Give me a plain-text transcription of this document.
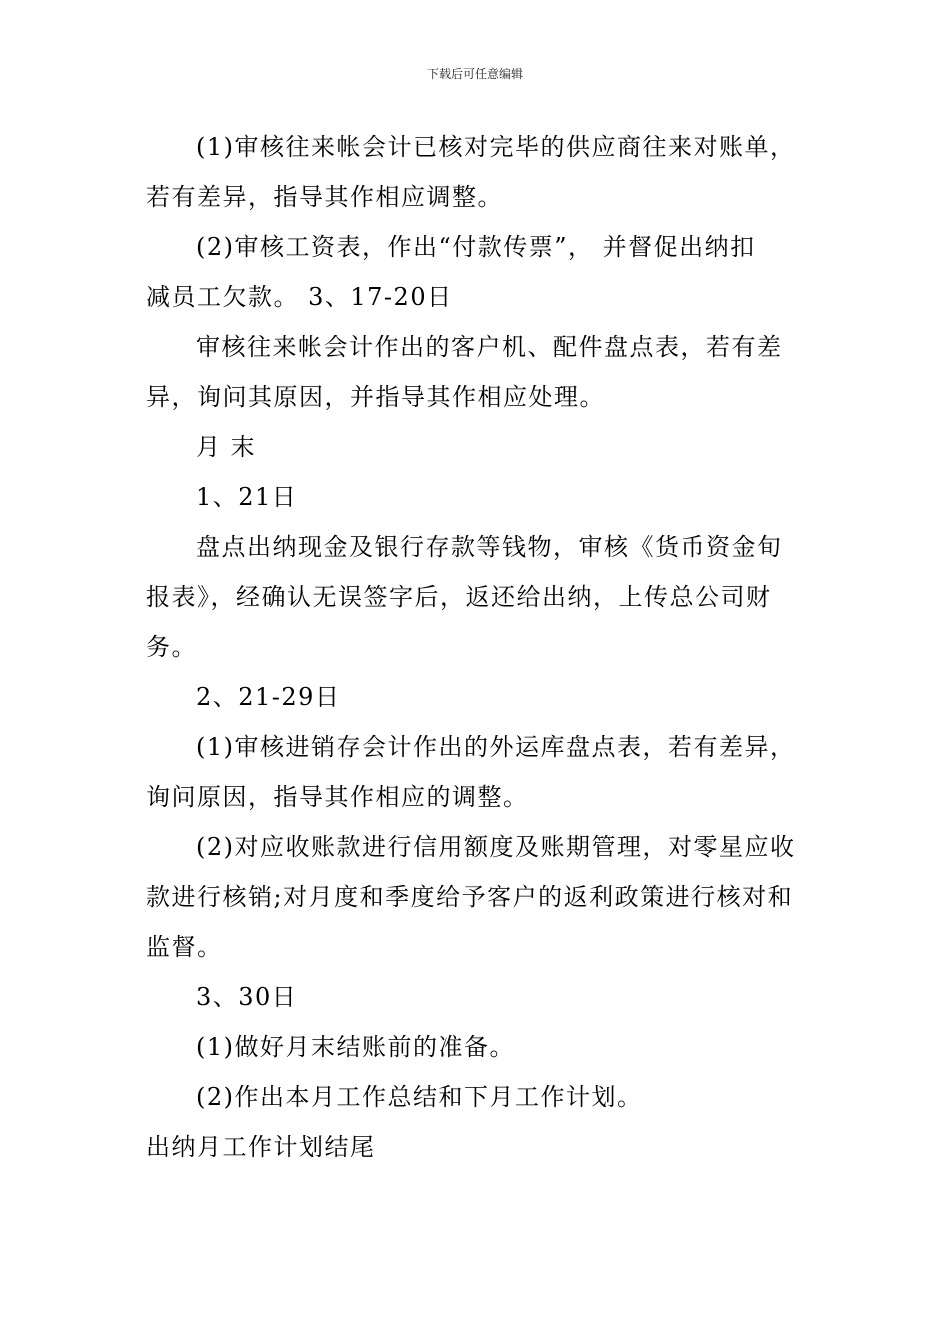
下载后可任意编辑
(1)审核往来帐会计已核对完毕的供应商往来对账单，
若有差异，指导其作相应调整。
(2)审核工资表，作出“付款传票”， 并督促出纳扣
减员工欠款。 3、17-20日
审核往来帐会计作出的客户机、配件盘点表，若有差
异，询问其原因，并指导其作相应处理。
月 末
1、21日
盘点出纳现金及银行存款等钱物，审核《货币资金旬
报表》，经确认无误签字后，返还给出纳，上传总公司财
务。
2、21-29日
(1)审核进销存会计作出的外运库盘点表，若有差异，
询问原因，指导其作相应的调整。
(2)对应收账款进行信用额度及账期管理，对零星应收
款进行核销;对月度和季度给予客户的返利政策进行核对和
监督。
3、30日
(1)做好月末结账前的准备。
(2)作出本月工作总结和下月工作计划。
出纳月工作计划结尾
